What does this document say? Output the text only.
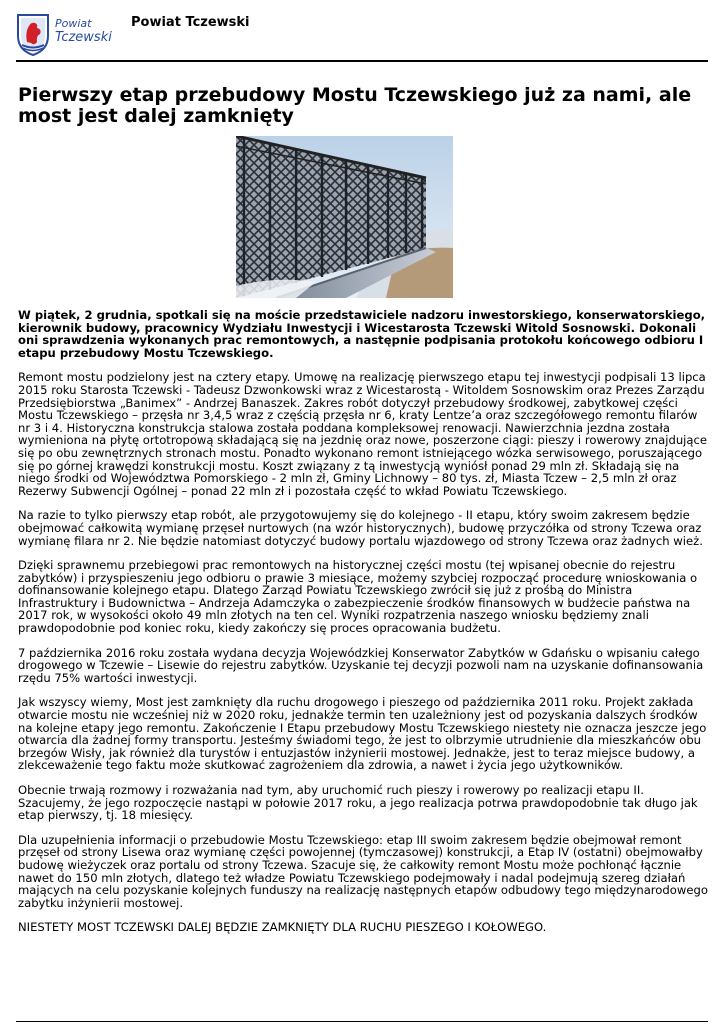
Powiat
Tczewski
Powiat Tczewski
Pierwszy etap przebudowy Mostu Tczewskiego już za nami, ale most jest dalej zamknięty

W piątek, 2 grudnia, spotkali się na moście przedstawiciele nadzoru inwestorskiego, konserwatorskiego, kierownik budowy, pracownicy Wydziału Inwestycji i Wicestarosta Tczewski Witold Sosnowski. Dokonali oni sprawdzenia wykonanych prac remontowych, a następnie podpisania protokołu końcowego odbioru I etapu przebudowy Mostu Tczewskiego.

Remont mostu podzielony jest na cztery etapy. Umowę na realizację pierwszego etapu tej inwestycji podpisali 13 lipca 2015 roku Starosta Tczewski - Tadeusz Dzwonkowski wraz z Wicestarostą - Witoldem Sosnowskim oraz Prezes Zarządu Przedsiębiorstwa „Banimex” - Andrzej Banaszek. Zakres robót dotyczył przebudowy środkowej, zabytkowej części Mostu Tczewskiego – przęsła nr 3,4,5 wraz z częścią przęsła nr 6, kraty Lentze’a oraz szczegółowego remontu filarów nr 3 i 4. Historyczna konstrukcja stalowa została poddana kompleksowej renowacji. Nawierzchnia jezdna została wymieniona na płytę ortotropową składającą się na jezdnię oraz nowe, poszerzone ciągi: pieszy i rowerowy znajdujące się po obu zewnętrznych stronach mostu. Ponadto wykonano remont istniejącego wózka serwisowego, poruszającego się po górnej krawędzi konstrukcji mostu. Koszt związany z tą inwestycją wyniósł ponad 29 mln zł. Składają się na niego środki od Województwa Pomorskiego - 2 mln zł, Gminy Lichnowy – 80 tys. zł, Miasta Tczew – 2,5 mln zł oraz Rezerwy Subwencji Ogólnej – ponad 22 mln zł i pozostała część to wkład Powiatu Tczewskiego.

Na razie to tylko pierwszy etap robót, ale przygotowujemy się do kolejnego - II etapu, który swoim zakresem będzie obejmować całkowitą wymianę przęseł nurtowych (na wzór historycznych), budowę przyczółka od strony Tczewa oraz wymianę filara nr 2. Nie będzie natomiast dotyczyć budowy portalu wjazdowego od strony Tczewa oraz żadnych wież.

Dzięki sprawnemu przebiegowi prac remontowych na historycznej części mostu (tej wpisanej obecnie do rejestru zabytków) i przyspieszeniu jego odbioru o prawie 3 miesiące, możemy szybciej rozpocząć procedurę wnioskowania o dofinansowanie kolejnego etapu. Dlatego Zarząd Powiatu Tczewskiego zwrócił się już z prośbą do Ministra Infrastruktury i Budownictwa – Andrzeja Adamczyka o zabezpieczenie środków finansowych w budżecie państwa na 2017 rok, w wysokości około 49 mln złotych na ten cel. Wyniki rozpatrzenia naszego wniosku będziemy znali prawdopodobnie pod koniec roku, kiedy zakończy się proces opracowania budżetu.

7 października 2016 roku została wydana decyzja Wojewódzkiej Konserwator Zabytków w Gdańsku o wpisaniu całego drogowego w Tczewie – Lisewie do rejestru zabytków. Uzyskanie tej decyzji pozwoli nam na uzyskanie dofinansowania rzędu 75% wartości inwestycji.

Jak wszyscy wiemy, Most jest zamknięty dla ruchu drogowego i pieszego od października 2011 roku. Projekt zakłada otwarcie mostu nie wcześniej niż w 2020 roku, jednakże termin ten uzależniony jest od pozyskania dalszych środków na kolejne etapy jego remontu. Zakończenie I Etapu przebudowy Mostu Tczewskiego niestety nie oznacza jeszcze jego otwarcia dla żadnej formy transportu. Jesteśmy świadomi tego, że jest to olbrzymie utrudnienie dla mieszkańców obu brzegów Wisły, jak również dla turystów i entuzjastów inżynierii mostowej. Jednakże, jest to teraz miejsce budowy, a zlekceważenie tego faktu może skutkować zagrożeniem dla zdrowia, a nawet i życia jego użytkowników.

Obecnie trwają rozmowy i rozważania nad tym, aby uruchomić ruch pieszy i rowerowy po realizacji etapu II. Szacujemy, że jego rozpoczęcie nastąpi w połowie 2017 roku, a jego realizacja potrwa prawdopodobnie tak długo jak etap pierwszy, tj. 18 miesięcy.

Dla uzupełnienia informacji o przebudowie Mostu Tczewskiego: etap III swoim zakresem będzie obejmował remont przęseł od strony Lisewa oraz wymianę części powojennej (tymczasowej) konstrukcji, a Etap IV (ostatni) obejmowałby budowę wieżyczek oraz portalu od strony Tczewa. Szacuje się, że całkowity remont Mostu może pochłonąć łącznie nawet do 150 mln złotych, dlatego też władze Powiatu Tczewskiego podejmowały i nadal podejmują szereg działań mających na celu pozyskanie kolejnych funduszy na realizację następnych etapów odbudowy tego międzynarodowego zabytku inżynierii mostowej.

NIESTETY MOST TCZEWSKI DALEJ BĘDZIE ZAMKNIĘTY DLA RUCHU PIESZEGO I KOŁOWEGO.
